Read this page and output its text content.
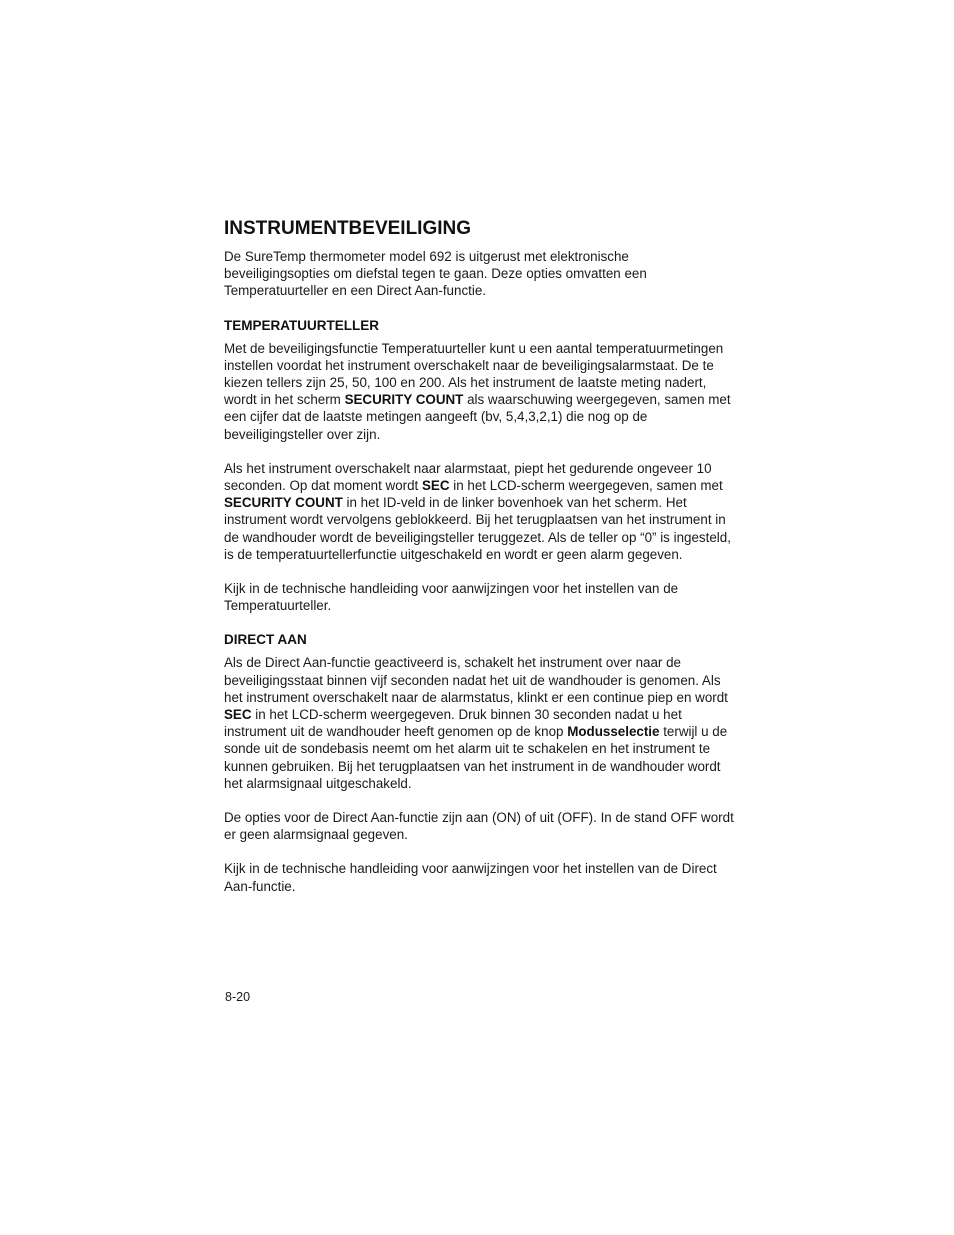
INSTRUMENTBEVEILIGING

De SureTemp thermometer model 692 is uitgerust met elektronische beveiligingsopties om diefstal tegen te gaan. Deze opties omvatten een Temperatuurteller en een Direct Aan-functie.

TEMPERATUURTELLER

Met de beveiligingsfunctie Temperatuurteller kunt u een aantal temperatuurmetingen instellen voordat het instrument overschakelt naar de beveiligingsalarmstaat. De te kiezen tellers zijn 25, 50, 100 en 200. Als het instrument de laatste meting nadert, wordt in het scherm SECURITY COUNT als waarschuwing weergegeven, samen met een cijfer dat de laatste metingen aangeeft (bv, 5,4,3,2,1) die nog op de beveiligingsteller over zijn.

Als het instrument overschakelt naar alarmstaat, piept het gedurende ongeveer 10 seconden. Op dat moment wordt SEC in het LCD-scherm weergegeven, samen met SECURITY COUNT in het ID-veld in de linker bovenhoek van het scherm. Het instrument wordt vervolgens geblokkeerd. Bij het terugplaatsen van het instrument in de wandhouder wordt de beveiligingsteller teruggezet. Als de teller op “0” is ingesteld, is de temperatuurtellerfunctie uitgeschakeld en wordt er geen alarm gegeven.

Kijk in de technische handleiding voor aanwijzingen voor het instellen van de Temperatuurteller.

DIRECT AAN

Als de Direct Aan-functie geactiveerd is, schakelt het instrument over naar de beveiligingsstaat binnen vijf seconden nadat het uit de wandhouder is genomen. Als het instrument overschakelt naar de alarmstatus, klinkt er een continue piep en wordt SEC in het LCD-scherm weergegeven. Druk binnen 30 seconden nadat u het instrument uit de wandhouder heeft genomen op de knop Modusselectie terwijl u de sonde uit de sondebasis neemt om het alarm uit te schakelen en het instrument te kunnen gebruiken. Bij het terugplaatsen van het instrument in de wandhouder wordt het alarmsignaal uitgeschakeld.

De opties voor de Direct Aan-functie zijn aan (ON) of uit (OFF). In de stand OFF wordt er geen alarmsignaal gegeven.

Kijk in de technische handleiding voor aanwijzingen voor het instellen van de Direct Aan-functie.

8-20
